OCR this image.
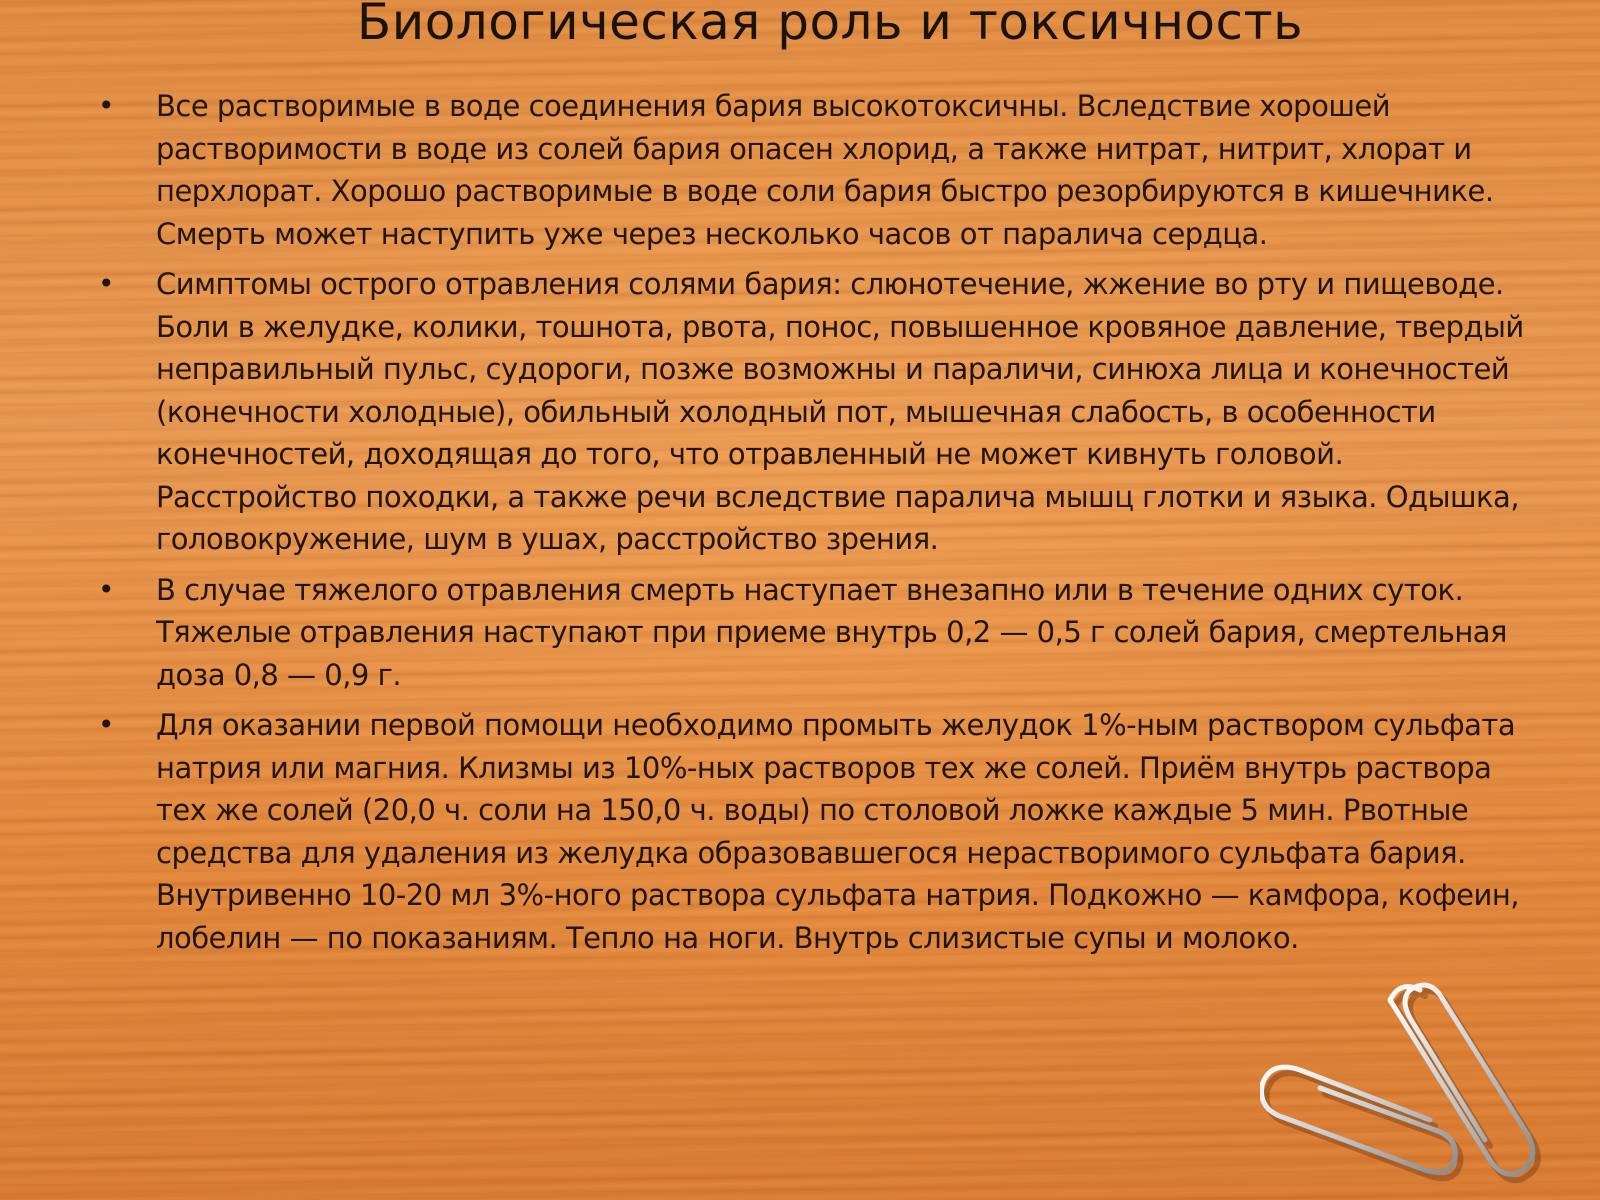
Биологическая роль и токсичность
• Все растворимые в воде соединения бария высокотоксичны. Вследствие хорошей растворимости в воде из солей бария опасен хлорид, а также нитрат, нитрит, хлорат и перхлорат. Хорошо растворимые в воде соли бария быстро резорбируются в кишечнике. Смерть может наступить уже через несколько часов от паралича сердца.
• Симптомы острого отравления солями бария: слюнотечение, жжение во рту и пищеводе. Боли в желудке, колики, тошнота, рвота, понос, повышенное кровяное давление, твердый неправильный пульс, судороги, позже возможны и параличи, синюха лица и конечностей (конечности холодные), обильный холодный пот, мышечная слабость, в особенности конечностей, доходящая до того, что отравленный не может кивнуть головой. Расстройство походки, а также речи вследствие паралича мышц глотки и языка. Одышка, головокружение, шум в ушах, расстройство зрения.
• В случае тяжелого отравления смерть наступает внезапно или в течение одних суток. Тяжелые отравления наступают при приеме внутрь 0,2 — 0,5 г солей бария, смертельная доза 0,8 — 0,9 г.
• Для оказании первой помощи необходимо промыть желудок 1%-ным раствором сульфата натрия или магния. Клизмы из 10%-ных растворов тех же солей. Приём внутрь раствора тех же солей (20,0 ч. соли на 150,0 ч. воды) по столовой ложке каждые 5 мин. Рвотные средства для удаления из желудка образовавшегося нерастворимого сульфата бария. Внутривенно 10-20 мл 3%-ного раствора сульфата натрия. Подкожно — камфора, кофеин, лобелин — по показаниям. Тепло на ноги. Внутрь слизистые супы и молоко.
